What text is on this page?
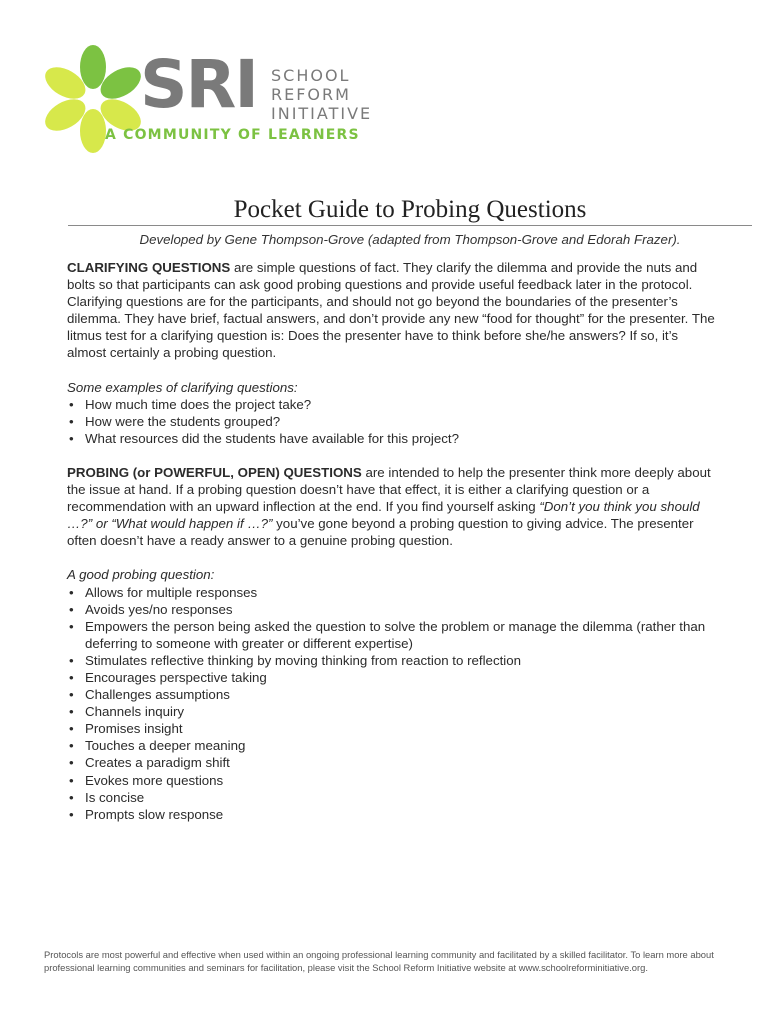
SRI SCHOOL
REFORM
INITIATIVE
A COMMUNITY OF LEARNERS
Pocket Guide to Probing Questions
Developed by Gene Thompson-Grove (adapted from Thompson-Grove and Edorah Frazer).

CLARIFYING QUESTIONS are simple questions of fact. They clarify the dilemma and provide the nuts and bolts so that participants can ask good probing questions and provide useful feedback later in the protocol. Clarifying questions are for the participants, and should not go beyond the boundaries of the presenter’s dilemma. They have brief, factual answers, and don’t provide any new “food for thought” for the presenter. The litmus test for a clarifying question is: Does the presenter have to think before she/he answers? If so, it’s almost certainly a probing question.

Some examples of clarifying questions:

• How much time does the project take?
• How were the students grouped?
• What resources did the students have available for this project?

PROBING (or POWERFUL, OPEN) QUESTIONS are intended to help the presenter think more deeply about the issue at hand. If a probing question doesn’t have that effect, it is either a clarifying question or a recommendation with an upward inflection at the end. If you find yourself asking “Don’t you think you should …?” or “What would happen if …?” you’ve gone beyond a probing question to giving advice. The presenter often doesn’t have a ready answer to a genuine probing question.

A good probing question:

• Allows for multiple responses
• Avoids yes/no responses
• Empowers the person being asked the question to solve the problem or manage the dilemma (rather than deferring to someone with greater or different expertise)
• Stimulates reflective thinking by moving thinking from reaction to reflection
• Encourages perspective taking
• Challenges assumptions
• Channels inquiry
• Promises insight
• Touches a deeper meaning
• Creates a paradigm shift
• Evokes more questions
• Is concise
• Prompts slow response
Protocols are most powerful and effective when used within an ongoing professional learning community and facilitated by a skilled facilitator. To learn more about professional learning communities and seminars for facilitation, please visit the School Reform Initiative website at www.schoolreforminitiative.org.
